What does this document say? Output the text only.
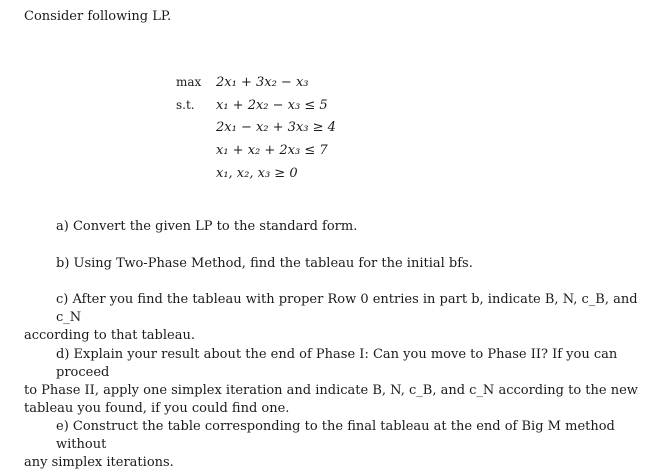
Consider following LP.
max 2x₁ + 3x₂ − x₃
s.t. x₁ + 2x₂ − x₃ ≤ 5
2x₁ − x₂ + 3x₃ ≥ 4
x₁ + x₂ + 2x₃ ≤ 7
x₁, x₂, x₃ ≥ 0
a) Convert the given LP to the standard form.
b) Using Two-Phase Method, find the tableau for the initial bfs.
c) After you find the tableau with proper Row 0 entries in part b, indicate B, N, c_B, and c_N
according to that tableau.
d) Explain your result about the end of Phase I: Can you move to Phase II? If you can proceed
to Phase II, apply one simplex iteration and indicate B, N, c_B, and c_N according to the new tableau you found, if you could find one.
e) Construct the table corresponding to the final tableau at the end of Big M method without
any simplex iterations.
